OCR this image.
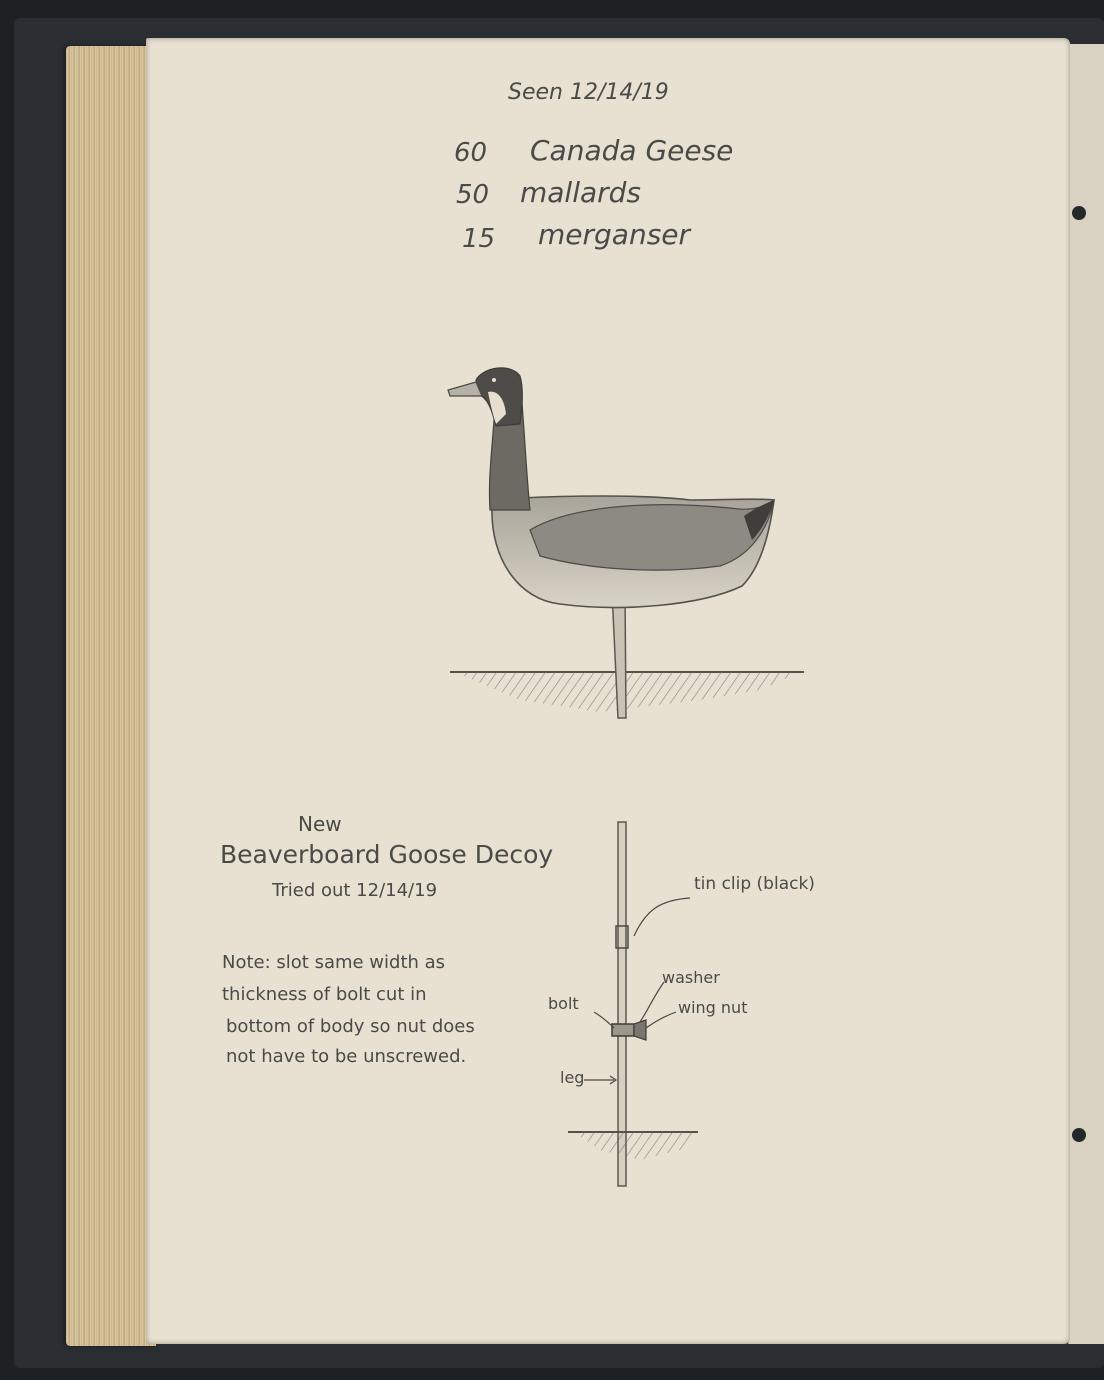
Seen 12/14/19
60 Canada Geese
50 mallards
15 merganser
New
Beaverboard Goose Decoy
Tried out 12/14/19
Note: slot same width as
thickness of bolt cut in
bottom of body so nut does
not have to be unscrewed.
tin clip (black)
washer
bolt	wing nut
leg
